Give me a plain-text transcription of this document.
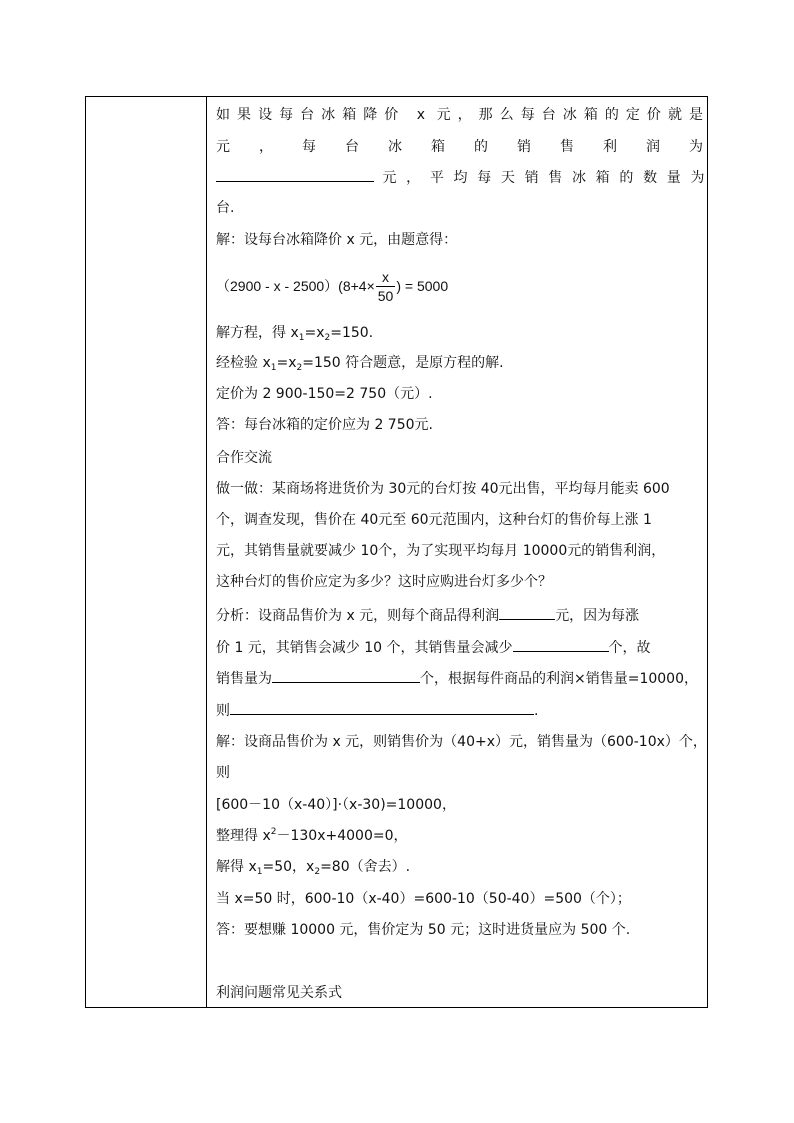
如果设每台冰箱降价 x 元，那么每台冰箱的定价就是
元，每台冰箱的销售利润为
元，平均每天销售冰箱的数量为
台.
解：设每台冰箱降价 x 元，由题意得：
$(2900 - x - 2500)(8+4\times \frac{x}{50}$ ) = 5000
解方程，得 $x_1=x_2=150$.
经检验 $x_1=x_2=150$ 符合题意，是原方程的解.
定价为 2 900-150=2 750（元）.
答：每台冰箱的定价应为 2 750元.
合作交流
做一做：某商场将进货价为 30元的台灯按 40元出售，平均每月能卖 600
个，调查发现，售价在 40元至 60元范围内，这种台灯的售价每上涨 1
元，其销售量就要减少 10个，为了实现平均每月 10000元的销售利润，
这种台灯的售价应定为多少？这时应购进台灯多少个？
分析：设商品售价为 x 元，则每个商品得利润	元，因为每涨
价 1 元，其销售会减少 10 个，其销售量会减少	个，故
销售量为	个，根据每件商品的利润×销售量=10000，
则	.
解：设商品售价为 x 元，则销售价为（40+x）元，销售量为（600-10x）个，
则
[600－10（x-40）]·（x-30)=10000，
整理得 $x^2-130x+4000=0$，
解得 $x_1=50$，$x_2=80$（舍去）.
当 x=50 时，600-10（x-40）=600-10（50-40）=500（个）；
答：要想赚 10000 元，售价定为 50 元；这时进货量应为 500 个.
利润问题常见关系式
